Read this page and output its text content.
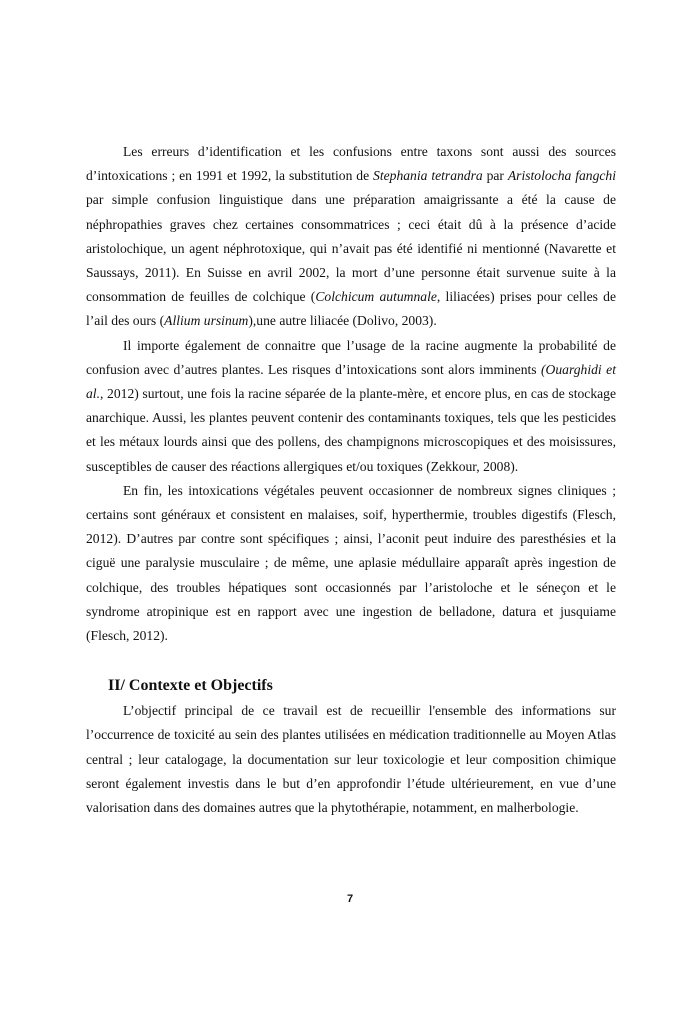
Les erreurs d’identification et les confusions entre taxons sont aussi des sources d’intoxications ; en 1991 et 1992, la substitution de Stephania tetrandra par Aristolocha fangchi par simple confusion linguistique dans une préparation amaigrissante a été la cause de néphropathies graves chez certaines consommatrices ; ceci était dû à la présence d’acide aristolochique, un agent néphrotoxique, qui n’avait pas été identifié ni mentionné (Navarette et Saussays, 2011). En Suisse en avril 2002, la mort d’une personne était survenue suite à la consommation de feuilles de colchique (Colchicum autumnale, liliacées) prises pour celles de l’ail des ours (Allium ursinum),une autre liliacée (Dolivo, 2003).

Il importe également de connaitre que l’usage de la racine augmente la probabilité de confusion avec d’autres plantes. Les risques d’intoxications sont alors imminents (Ouarghidi et al., 2012) surtout, une fois la racine séparée de la plante-mère, et encore plus, en cas de stockage anarchique. Aussi, les plantes peuvent contenir des contaminants toxiques, tels que les pesticides et les métaux lourds ainsi que des pollens, des champignons microscopiques et des moisissures, susceptibles de causer des réactions allergiques et/ou toxiques (Zekkour, 2008).

En fin, les intoxications végétales peuvent occasionner de nombreux signes cliniques ; certains sont généraux et consistent en malaises, soif, hyperthermie, troubles digestifs (Flesch, 2012). D’autres par contre sont spécifiques ; ainsi, l’aconit peut induire des paresthésies et la ciguë une paralysie musculaire ; de même, une aplasie médullaire apparaît après ingestion de colchique, des troubles hépatiques sont occasionnés par l’aristoloche et le séneçon et le syndrome atropinique est en rapport avec une ingestion de belladone, datura et jusquiame (Flesch, 2012).

II/ Contexte et Objectifs

L’objectif principal de ce travail est de recueillir l'ensemble des informations sur l’occurrence de toxicité au sein des plantes utilisées en médication traditionnelle au Moyen Atlas central ; leur catalogage, la documentation sur leur toxicologie et leur composition chimique seront également investis dans le but d’en approfondir l’étude ultérieurement, en vue d’une valorisation dans des domaines autres que la phytothérapie, notamment, en malherbologie.

7
